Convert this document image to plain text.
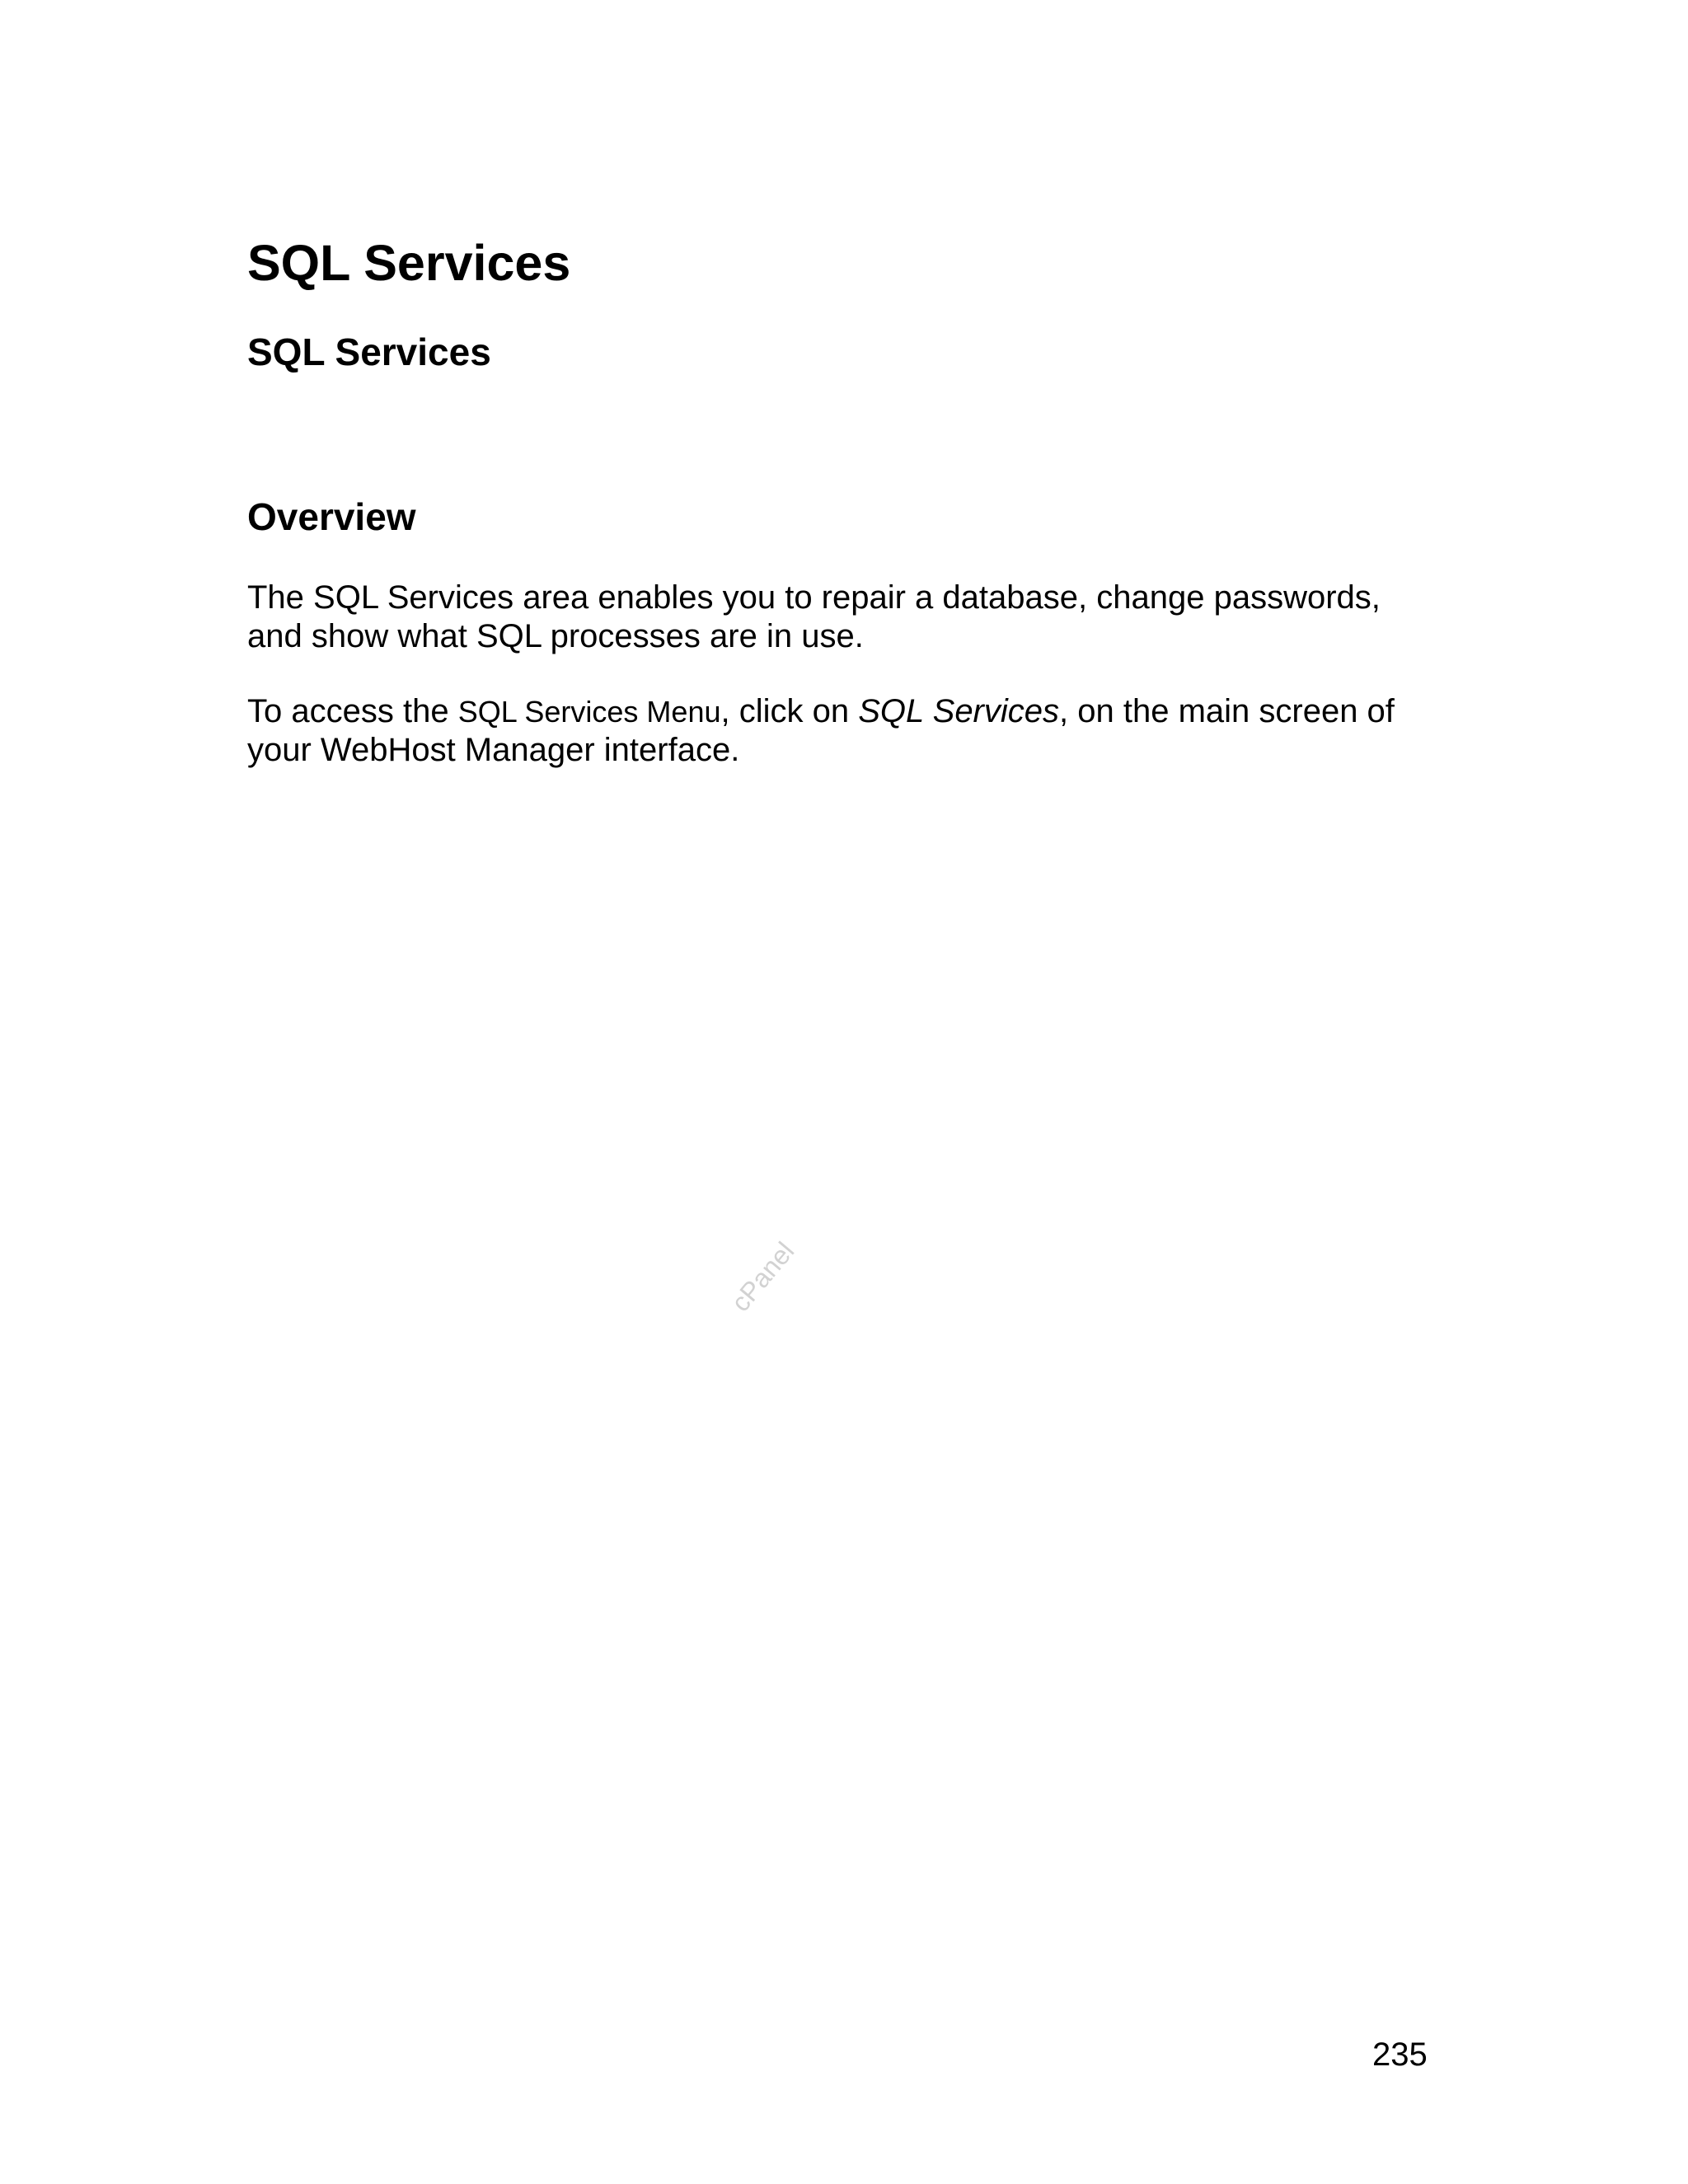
SQL Services
SQL Services
Overview

The SQL Services area enables you to repair a database, change passwords,
and show what SQL processes are in use.

To access the SQL Services Menu, click on SQL Services, on the main screen of
your WebHost Manager interface.

cPanel
235
